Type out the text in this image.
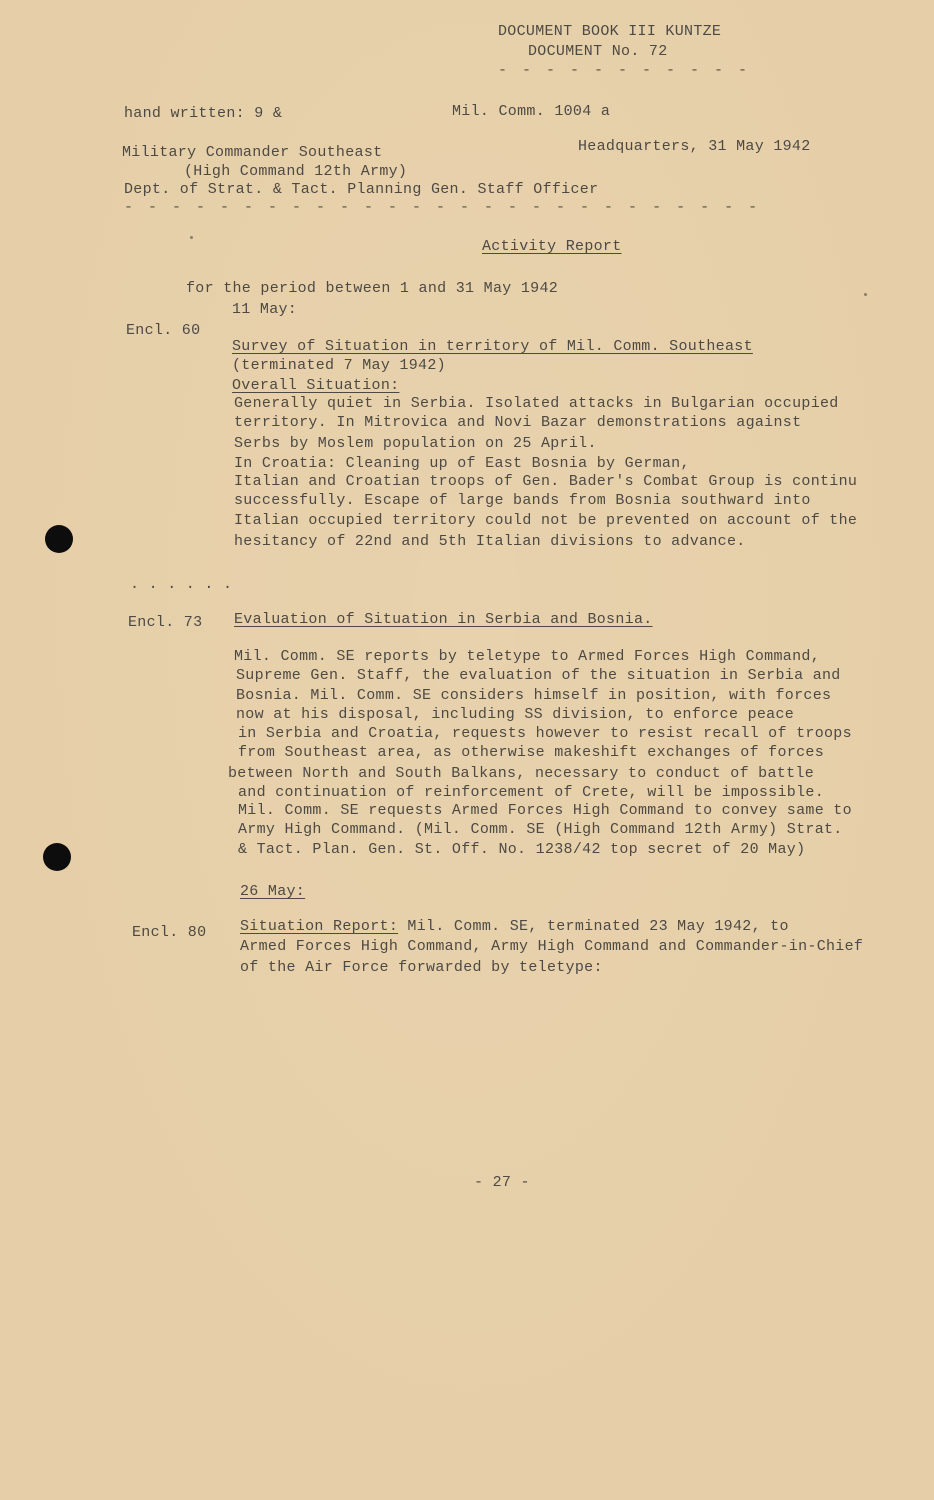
DOCUMENT BOOK III KUNTZE
DOCUMENT No. 72
- - - - - - - - - - -
hand written: 9 &	Mil. Comm. 1004 a
Military Commander Southeast	Headquarters, 31 May 1942
(High Command 12th Army)
Dept. of Strat. & Tact. Planning Gen. Staff Officer
- - - - - - - - - - - - - - - - - - - - - - - - - - -
Activity Report
for the period between 1 and 31 May 1942
11 May:
Encl. 60
Survey of Situation in territory of Mil. Comm. Southeast
(terminated 7 May 1942)
Overall Situation:
Generally quiet in Serbia. Isolated attacks in Bulgarian occupied
territory. In Mitrovica and Novi Bazar demonstrations against
Serbs by Moslem population on 25 April.
In Croatia: Cleaning up of East Bosnia by German,
Italian and Croatian troops of Gen. Bader's Combat Group is continu
successfully. Escape of large bands from Bosnia southward into
Italian occupied territory could not be prevented on account of the
hesitancy of 22nd and 5th Italian divisions to advance.
. . . . . .
Encl. 73 Evaluation of Situation in Serbia and Bosnia.
Mil. Comm. SE reports by teletype to Armed Forces High Command,
Supreme Gen. Staff, the evaluation of the situation in Serbia and
Bosnia. Mil. Comm. SE considers himself in position, with forces
now at his disposal, including SS division, to enforce peace
in Serbia and Croatia, requests however to resist recall of troops
from Southeast area, as otherwise makeshift exchanges of forces
between North and South Balkans, necessary to conduct of battle
and continuation of reinforcement of Crete, will be impossible.
Mil. Comm. SE requests Armed Forces High Command to convey same to
Army High Command. (Mil. Comm. SE (High Command 12th Army) Strat.
& Tact. Plan. Gen. St. Off. No. 1238/42 top secret of 20 May)
26 May:
Encl. 80 Situation Report: Mil. Comm. SE, terminated 23 May 1942, to
Armed Forces High Command, Army High Command and Commander-in-Chief
of the Air Force forwarded by teletype:
- 27 -
